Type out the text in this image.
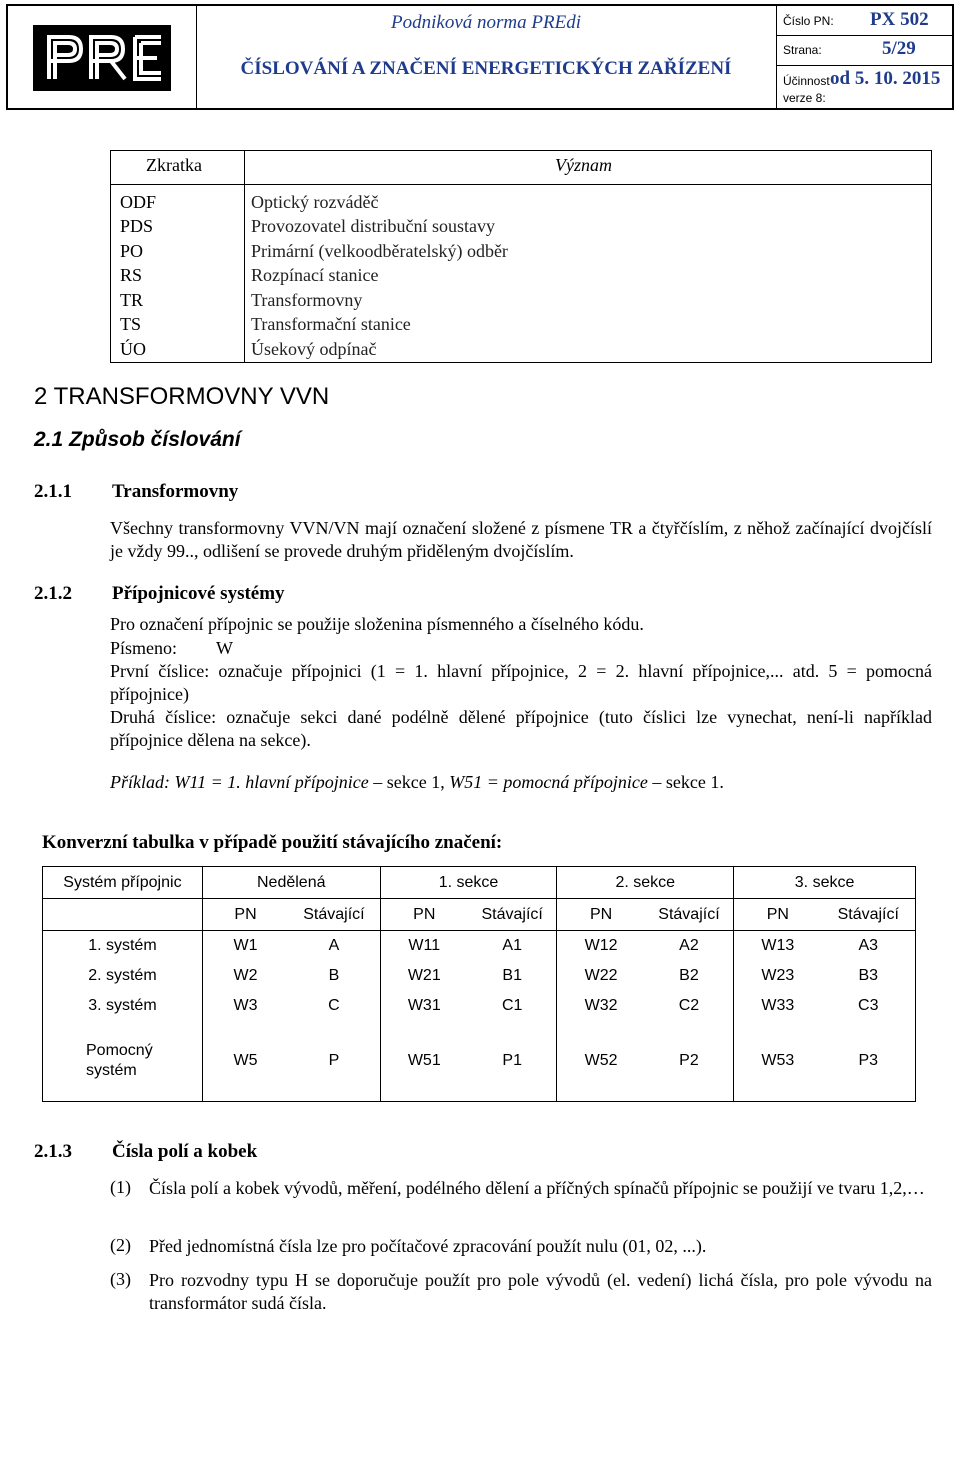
Podniková norma PREdi
ČÍSLOVÁNÍ A ZNAČENÍ ENERGETICKÝCH ZAŘÍZENÍ
Číslo PN: PX 502
Strana:	5/29
Účinnost od 5. 10. 2015
verze 8:
Zkratka	Význam
ODF	Optický rozváděč
PDS	Provozovatel distribuční soustavy
PO	Primární (velkoodběratelský) odběr
RS	Rozpínací stanice
TR	Transformovny
TS	Transformační stanice
ÚO	Úsekový odpínač
2 TRANSFORMOVNY VVN
2.1 Způsob číslování
2.1.1 Transformovny
Všechny transformovny VVN/VN mají označení složené z písmene TR a čtyřčíslím, z něhož začínající dvojčíslí je vždy 99.., odlišení se provede druhým přiděleným dvojčíslím.
2.1.2 Přípojnicové systémy
Pro označení přípojnic se použije složenina písmenného a číselného kódu.
Písmeno: W
První číslice: označuje přípojnici (1 = 1. hlavní přípojnice, 2 = 2. hlavní přípojnice,... atd. 5 = pomocná přípojnice)
Druhá číslice: označuje sekci dané podélně dělené přípojnice (tuto číslici lze vynechat, není-li například přípojnice dělena na sekce).
Příklad: W11 = 1. hlavní přípojnice – sekce 1, W51 = pomocná přípojnice – sekce 1.
Konverzní tabulka v případě použití stávajícího značení:
Systém přípojnic	Nedělená		1. sekce		2. sekce		3. sekce	
	PN	Stávající	PN	Stávající	PN	Stávající	PN	Stávající
1. systém	W1	A	W11	A1	W12	A2	W13	A3
2. systém	W2	B	W21	B1	W22	B2	W23	B3
3. systém	W3	C	W31	C1	W32	C2	W33	C3
Pomocný
systém	W5	P	W51	P1	W52	P2	W53	P3
2.1.3 Čísla polí a kobek
(1) Čísla polí a kobek vývodů, měření, podélného dělení a příčných spínačů přípojnic se použijí ve tvaru 1,2,…
(2) Před jednomístná čísla lze pro počítačové zpracování použít nulu (01, 02, ...).
(3) Pro rozvodny typu H se doporučuje použít pro pole vývodů (el. vedení) lichá čísla, pro pole vývodu na transformátor sudá čísla.
